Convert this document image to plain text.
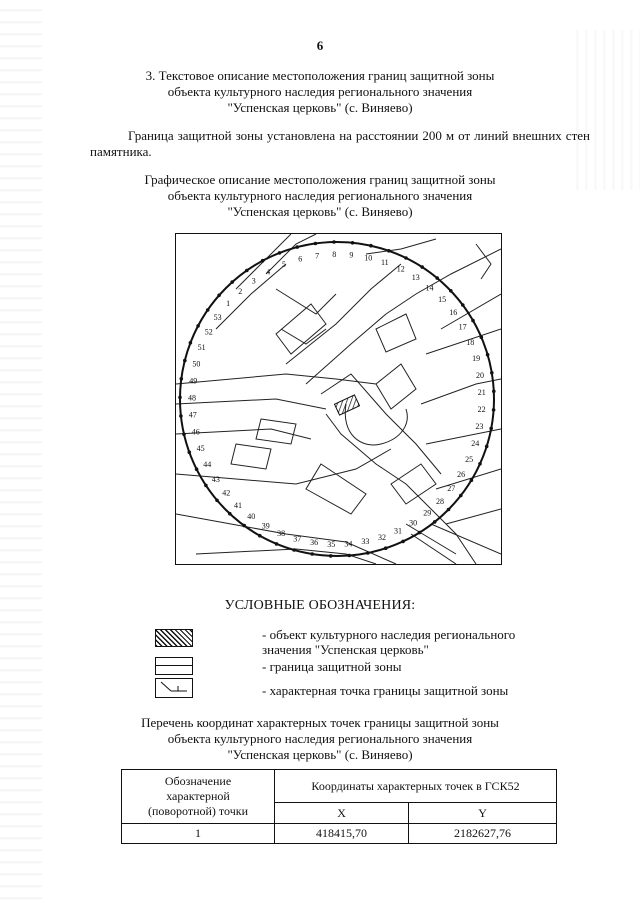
6
3. Текстовое описание местоположения границ защитной зоны
объекта культурного наследия регионального значения
"Успенская церковь" (с. Виняево)
Граница защитной зоны установлена на расстоянии 200 м от линий внешних стен памятника.
Графическое описание местоположения границ защитной зоны
объекта культурного наследия регионального значения
"Успенская церковь" (с. Виняево)
1
2
3
4
5
6 7 8 9 10
11
12
13
14
15
16
17
18
19
20
21
22
23
24
25
26
27
28
29
30
31
32
33
34
35
36
37
38
39
40
41
42
43
44
45
46
47
48
49
50
51
52
53
УСЛОВНЫЕ ОБОЗНАЧЕНИЯ:
- объект культурного наследия регионального
значения "Успенская церковь"
- граница защитной зоны
- характерная точка границы защитной зоны
Перечень координат характерных точек границы защитной зоны
объекта культурного наследия регионального значения
"Успенская церковь" (с. Виняево)
Обозначение
характерной
(поворотной) точки	Координаты характерных точек в ГСК52	
	X	Y
1	418415,70	2182627,76
